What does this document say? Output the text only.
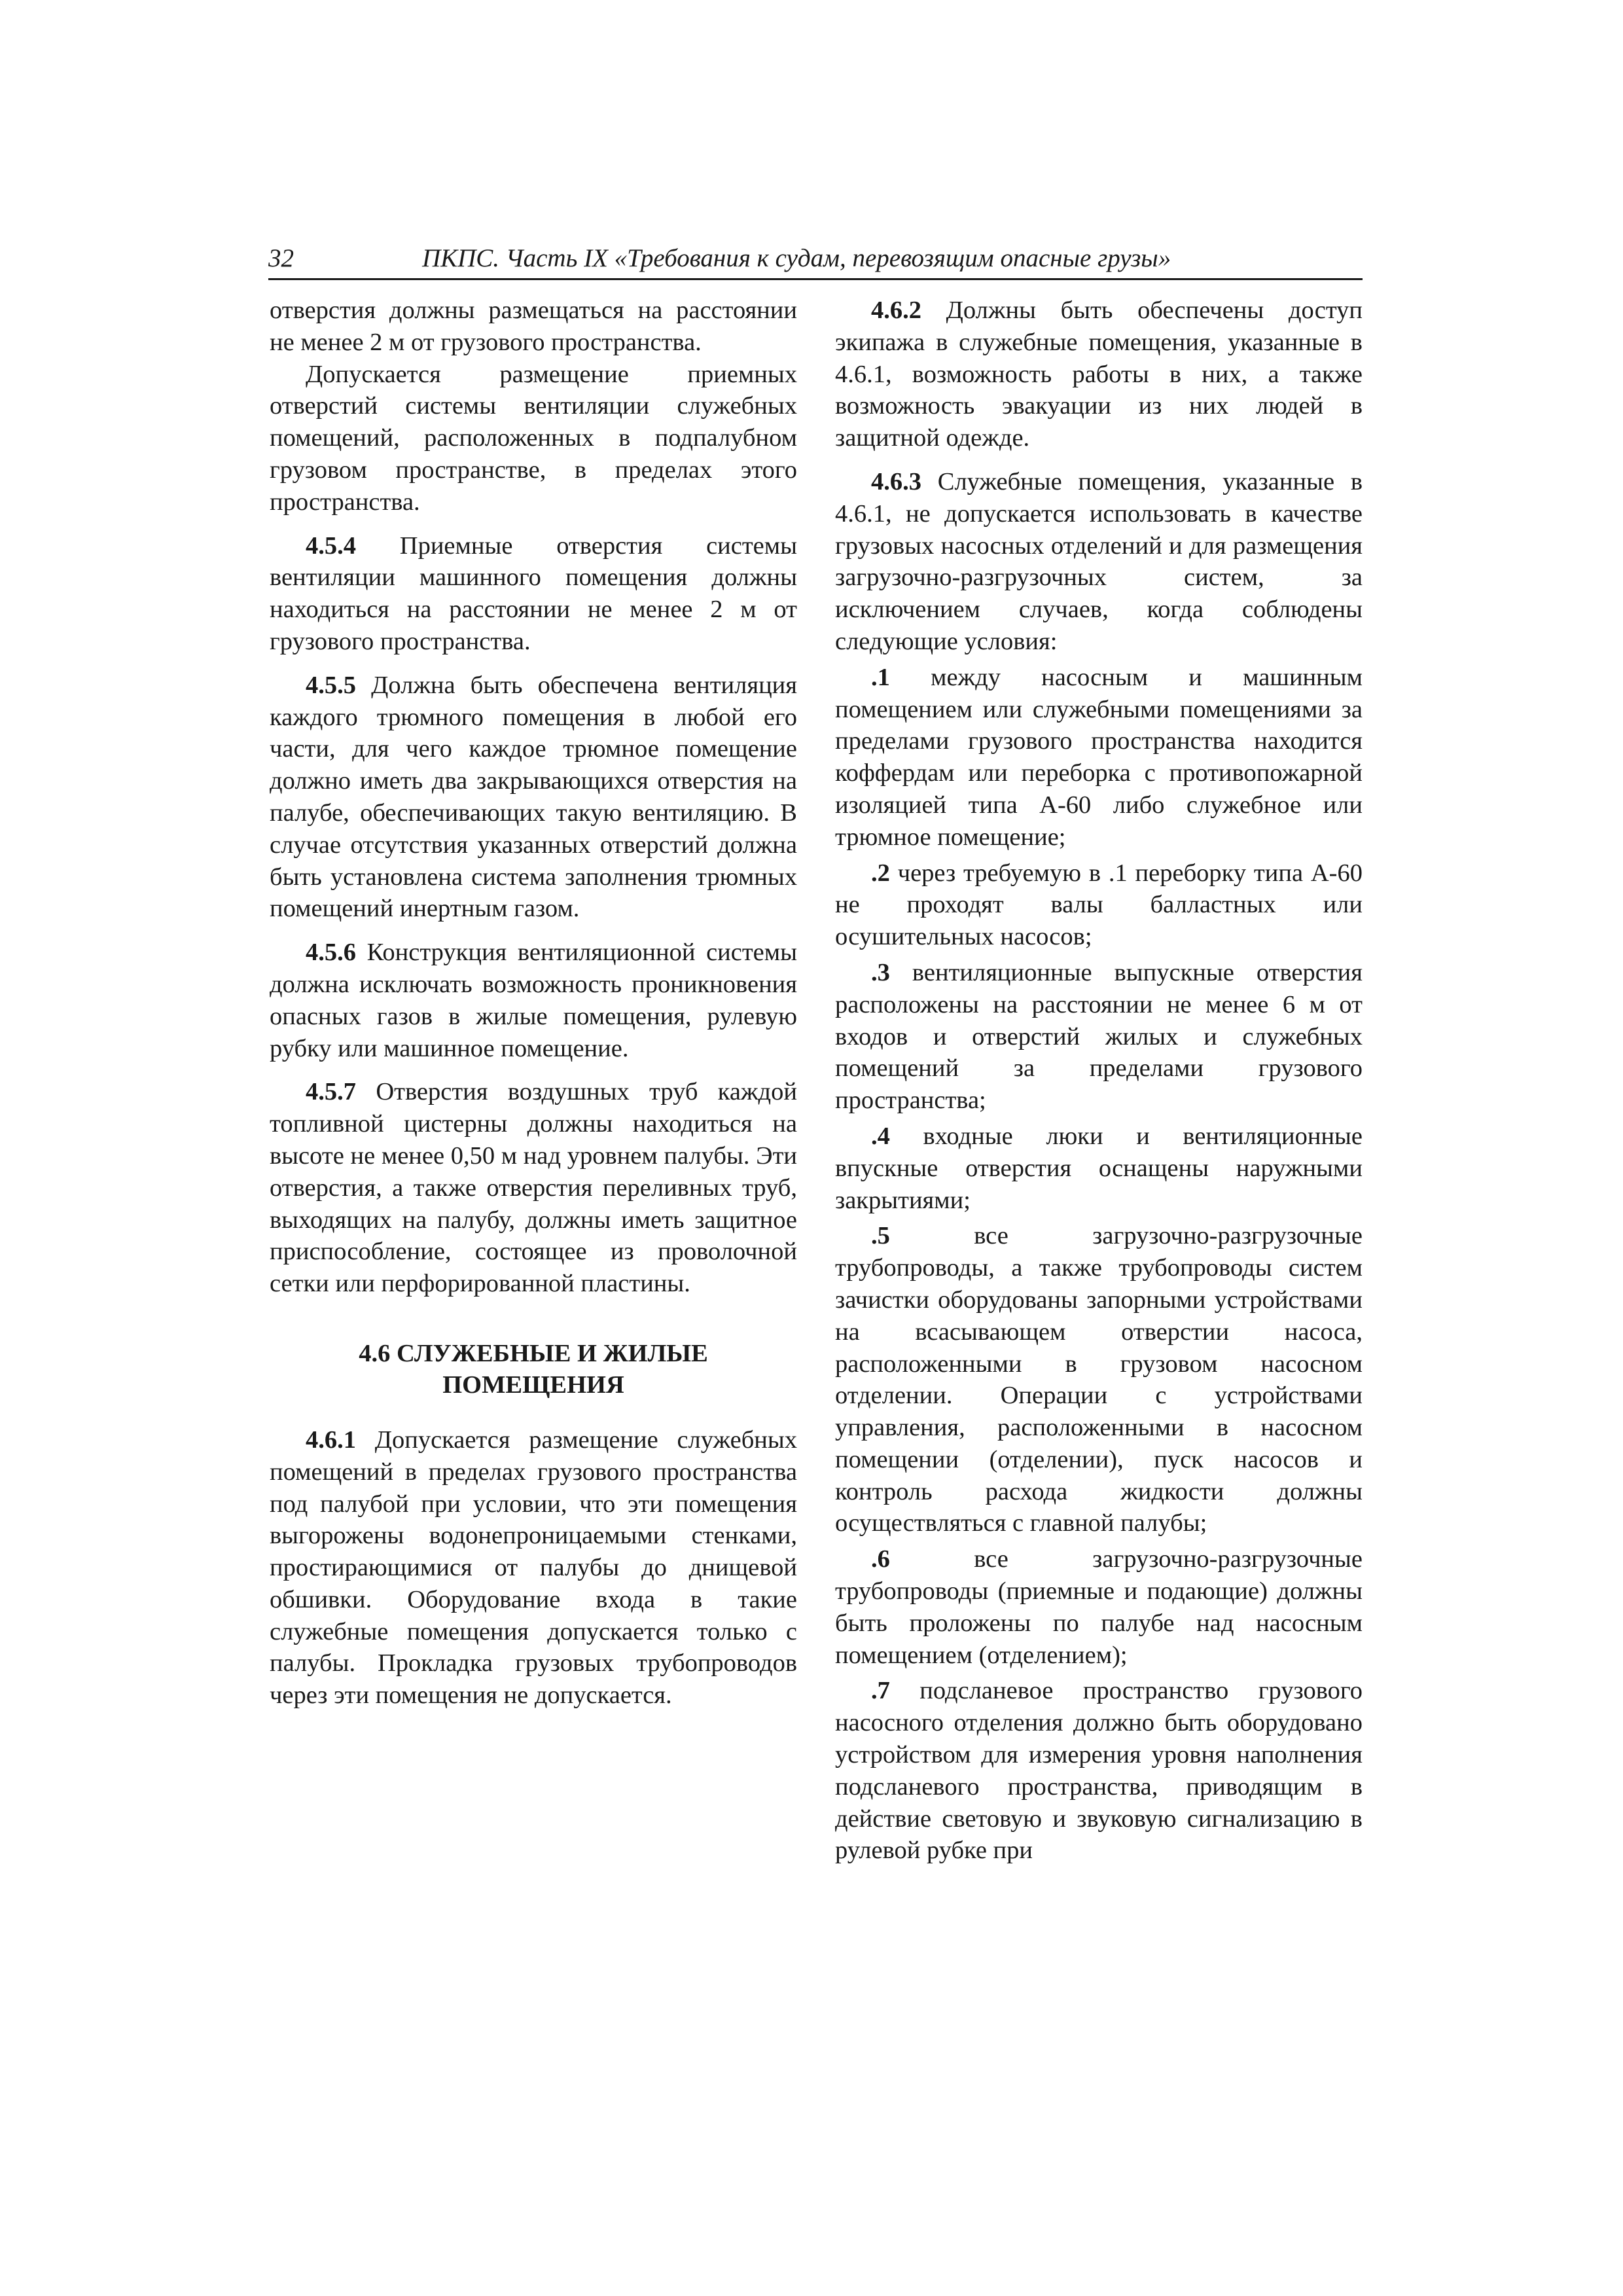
32	ПКПС. Часть IX «Требования к судам, перевозящим опасные грузы»

отверстия должны размещаться на расстоянии не менее 2 м от грузового пространства.

Допускается размещение приемных отверстий системы вентиляции служебных помещений, расположенных в подпалубном грузовом пространстве, в пределах этого пространства.

4.5.4 Приемные отверстия системы вентиляции машинного помещения должны находиться на расстоянии не менее 2 м от грузового пространства.

4.5.5 Должна быть обеспечена вентиляция каждого трюмного помещения в любой его части, для чего каждое трюмное помещение должно иметь два закрывающихся отверстия на палубе, обеспечивающих такую вентиляцию. В случае отсутствия указанных отверстий должна быть установлена система заполнения трюмных помещений инертным газом.

4.5.6 Конструкция вентиляционной системы должна исключать возможность проникновения опасных газов в жилые помещения, рулевую рубку или машинное помещение.

4.5.7 Отверстия воздушных труб каждой топливной цистерны должны находиться на высоте не менее 0,50 м над уровнем палубы. Эти отверстия, а также отверстия переливных труб, выходящих на палубу, должны иметь защитное приспособление, состоящее из проволочной сетки или перфорированной пластины.

4.6 СЛУЖЕБНЫЕ И ЖИЛЫЕ
ПОМЕЩЕНИЯ

4.6.1 Допускается размещение служебных помещений в пределах грузового пространства под палубой при условии, что эти помещения выгорожены водонепроницаемыми стенками, простирающимися от палубы до днищевой обшивки. Оборудование входа в такие служебные помещения допускается только с палубы. Прокладка грузовых трубопроводов через эти помещения не допускается.

4.6.2 Должны быть обеспечены доступ экипажа в служебные помещения, указанные в 4.6.1, возможность работы в них, а также возможность эвакуации из них людей в защитной одежде.

4.6.3 Служебные помещения, указанные в 4.6.1, не допускается использовать в качестве грузовых насосных отделений и для размещения загрузочно-разгрузочных систем, за исключением случаев, когда соблюдены следующие условия:

.1 между насосным и машинным помещением или служебными помещениями за пределами грузового пространства находится коффердам или переборка с противопожарной изоляцией типа А-60 либо служебное или трюмное помещение;

.2 через требуемую в .1 переборку типа А-60 не проходят валы балластных или осушительных насосов;

.3 вентиляционные выпускные отверстия расположены на расстоянии не менее 6 м от входов и отверстий жилых и служебных помещений за пределами грузового пространства;

.4 входные люки и вентиляционные впускные отверстия оснащены наружными закрытиями;

.5 все загрузочно-разгрузочные трубопроводы, а также трубопроводы систем зачистки оборудованы запорными устройствами на всасывающем отверстии насоса, расположенными в грузовом насосном отделении. Операции с устройствами управления, расположенными в насосном помещении (отделении), пуск насосов и контроль расхода жидкости должны осуществляться с главной палубы;

.6 все загрузочно-разгрузочные трубопроводы (приемные и подающие) должны быть проложены по палубе над насосным помещением (отделением);

.7 подсланевое пространство грузового насосного отделения должно быть оборудовано устройством для измерения уровня наполнения подсланевого пространства, приводящим в действие световую и звуковую сигнализацию в рулевой рубке при
